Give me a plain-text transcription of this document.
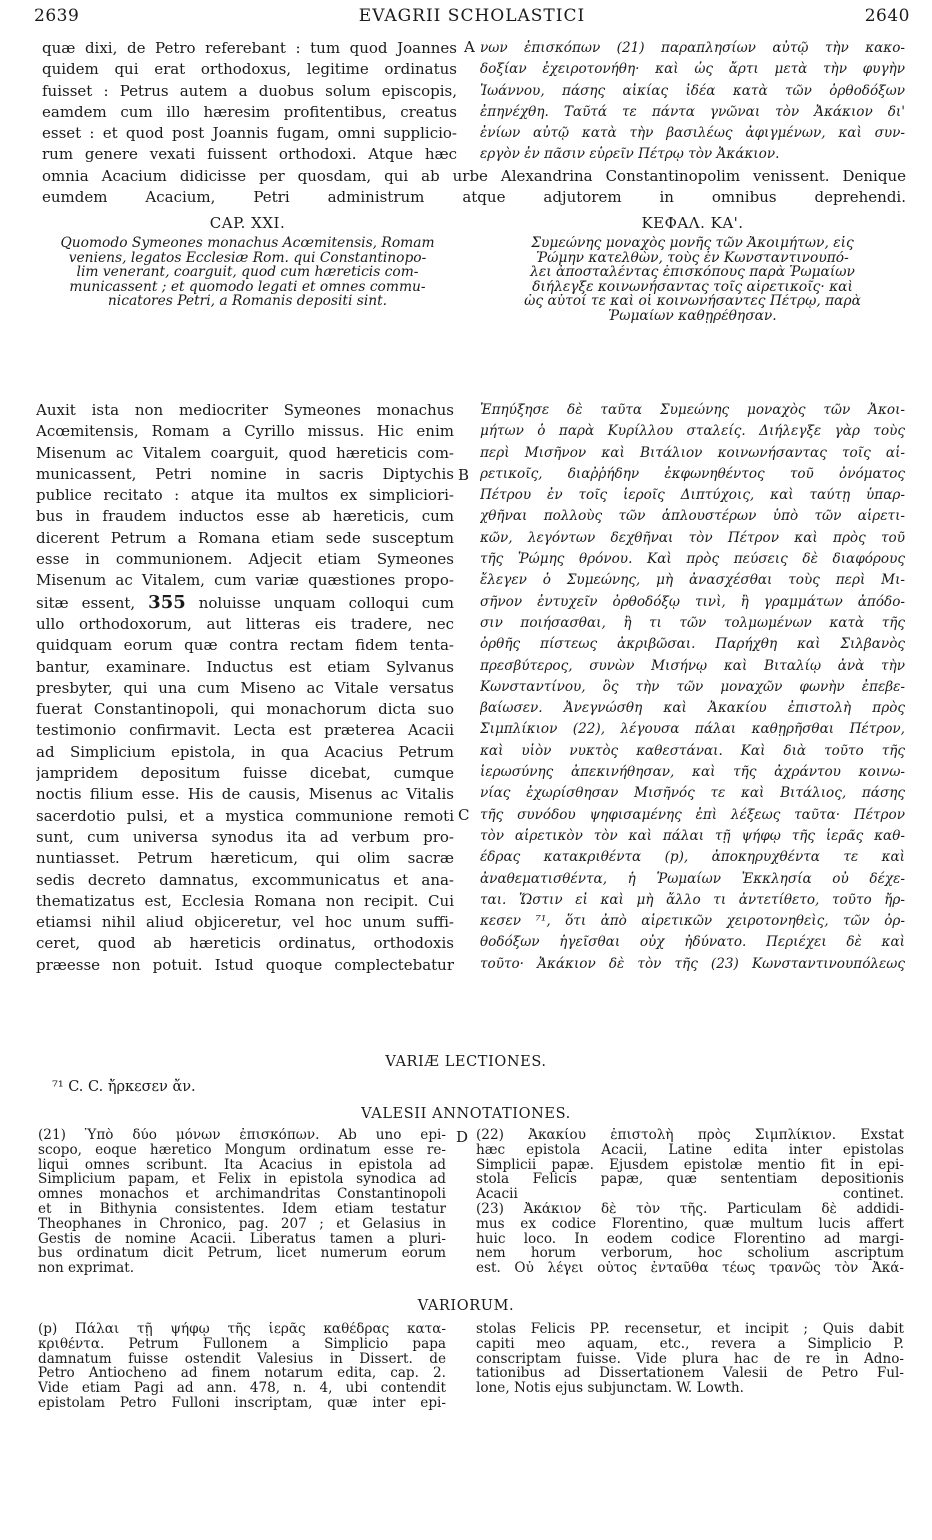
2639	EVAGRII SCHOLASTICI	2640
quæ dixi, de Petro referebant : tum quod Joannes
quidem qui erat orthodoxus, legitime ordinatus
fuisset : Petrus autem a duobus solum episcopis,
eamdem cum illo hæresim profitentibus, creatus
esset : et quod post Joannis fugam, omni supplicio-
rum genere vexati fuissent orthodoxi. Atque hæc
A νων ἐπισκόπων (21) παραπλησίων αὐτῷ τὴν κακο-
δοξίαν ἐχειροτονήθη· καὶ ὡς ἄρτι μετὰ τὴν φυγὴν
Ἰωάννου, πάσης αἰκίας ἰδέα κατὰ τῶν ὀρθοδόξων
ἐπηνέχθη. Ταῦτά τε πάντα γνῶναι τὸν Ἀκάκιον δι'
ἐνίων αὐτῷ κατὰ τὴν βασιλέως ἀφιγμένων, καὶ συν-
εργὸν ἐν πᾶσιν εὑρεῖν Πέτρῳ τὸν Ἀκάκιον.
omnia Acacium didicisse per quosdam, qui ab urbe Alexandrina Constantinopolim venissent. Denique
eumdem Acacium, Petri administrum atque adjutorem in omnibus deprehendi.
CAP. XXI.	ΚΕΦΑΛ. ΚΑ'.
Quomodo Symeones monachus Acœmitensis, Romam
veniens, legatos Ecclesiæ Rom. qui Constantinopo-
lim venerant, coarguit, quod cum hæreticis com-
municassent ; et quomodo legati et omnes commu-
nicatores Petri, a Romanis depositi sint.
Συμεώνης μοναχὸς μονῆς τῶν Ἀκοιμήτων, εἰς
Ῥώμην κατελθὼν, τοὺς ἐν Κωνσταντινουπό-
λει ἀποσταλέντας ἐπισκόπους παρὰ Ῥωμαίων
διήλεγξε κοινωνήσαντας τοῖς αἱρετικοῖς· καὶ
ὡς αὐτοί τε καὶ οἱ κοινωνήσαντες Πέτρῳ, παρὰ
Ῥωμαίων καθῃρέθησαν.
Auxit ista non mediocriter Symeones monachus
Acœmitensis, Romam a Cyrillo missus. Hic enim
Misenum ac Vitalem coarguit, quod hæreticis com-
municassent, Petri nomine in sacris Diptychis
publice recitato : atque ita multos ex simpliciori-
bus in fraudem inductos esse ab hæreticis, cum
dicerent Petrum a Romana etiam sede susceptum
esse in communionem. Adjecit etiam Symeones
Misenum ac Vitalem, cum variæ quæstiones propo-
sitæ essent, 355 noluisse unquam colloqui cum
ullo orthodoxorum, aut litteras eis tradere, nec
quidquam eorum quæ contra rectam fidem tenta-
bantur, examinare. Inductus est etiam Sylvanus
presbyter, qui una cum Miseno ac Vitale versatus
fuerat Constantinopoli, qui monachorum dicta suo
testimonio confirmavit. Lecta est præterea Acacii
ad Simplicium epistola, in qua Acacius Petrum
jampridem depositum fuisse dicebat, cumque
noctis filium esse. His de causis, Misenus ac Vitalis
sacerdotio pulsi, et a mystica communione remoti
sunt, cum universa synodus ita ad verbum pro-
nuntiasset. Petrum hæreticum, qui olim sacræ
sedis decreto damnatus, excommunicatus et ana-
thematizatus est, Ecclesia Romana non recipit. Cui
etiamsi nihil aliud objiceretur, vel hoc unum suffi-
ceret, quod ab hæreticis ordinatus, orthodoxis
præesse non potuit. Istud quoque complectebatur
B
C
Ἐπηύξησε δὲ ταῦτα Συμεώνης μοναχὸς τῶν Ἀκοι-
μήτων ὁ παρὰ Κυρίλλου σταλείς. Διήλεγξε γὰρ τοὺς
περὶ Μισῆνον καὶ Βιτάλιον κοινωνήσαντας τοῖς αἱ-
ρετικοῖς, διαῤῥήδην ἐκφωνηθέντος τοῦ ὀνόματος
Πέτρου ἐν τοῖς ἱεροῖς Διπτύχοις, καὶ ταύτῃ ὑπαρ-
χθῆναι πολλοὺς τῶν ἁπλουστέρων ὑπὸ τῶν αἱρετι-
κῶν, λεγόντων δεχθῆναι τὸν Πέτρον καὶ πρὸς τοῦ
τῆς Ῥώμης θρόνου. Καὶ πρὸς πεύσεις δὲ διαφόρους
ἔλεγεν ὁ Συμεώνης, μὴ ἀνασχέσθαι τοὺς περὶ Μι-
σῆνον ἐντυχεῖν ὀρθοδόξῳ τινὶ, ἢ γραμμάτων ἀπόδο-
σιν ποιήσασθαι, ἢ τι τῶν τολμωμένων κατὰ τῆς
ὀρθῆς πίστεως ἀκριβῶσαι. Παρήχθη καὶ Σιλβανὸς
πρεσβύτερος, συνὼν Μισήνῳ καὶ Βιταλίῳ ἀνὰ τὴν
Κωνσταντίνου, ὃς τὴν τῶν μοναχῶν φωνὴν ἐπεβε-
βαίωσεν. Ἀνεγνώσθη καὶ Ἀκακίου ἐπιστολὴ πρὸς
Σιμπλίκιον (22), λέγουσα πάλαι καθῃρῆσθαι Πέτρον,
καὶ υἱὸν νυκτὸς καθεστάναι. Καὶ διὰ τοῦτο τῆς
ἱερωσύνης ἀπεκινήθησαν, καὶ τῆς ἀχράντου κοινω-
νίας ἐχωρίσθησαν Μισῆνός τε καὶ Βιτάλιος, πάσης
τῆς συνόδου ψηφισαμένης ἐπὶ λέξεως ταῦτα· Πέτρον
τὸν αἱρετικὸν τὸν καὶ πάλαι τῇ ψήφῳ τῆς ἱερᾶς καθ-
έδρας κατακριθέντα (p), ἀποκηρυχθέντα τε καὶ
ἀναθεματισθέντα, ἡ Ῥωμαίων Ἐκκλησία οὐ δέχε-
ται. Ὥστιν εἰ καὶ μὴ ἄλλο τι ἀντετίθετο, τοῦτο ἤρ-
κεσεν ⁷¹, ὅτι ἀπὸ αἱρετικῶν χειροτονηθεὶς, τῶν ὀρ-
θοδόξων ἡγεῖσθαι οὐχ ἠδύνατο. Περιέχει δὲ καὶ
τοῦτο· Ἀκάκιον δὲ τὸν τῆς (23) Κωνσταντινουπόλεως
VARIÆ LECTIONES.
⁷¹ C. C. ἤρκεσεν ἄν.
VALESII ANNOTATIONES.
D
(21) Ὑπὸ δύο μόνων ἐπισκόπων. Ab uno epi-
scopo, eoque hæretico Mongum ordinatum esse re-
liqui omnes scribunt. Ita Acacius in epistola ad
Simplicium papam, et Felix in epistola synodica ad
omnes monachos et archimandritas Constantinopoli
et in Bithynia consistentes. Idem etiam testatur
Theophanes in Chronico, pag. 207 ; et Gelasius in
Gestis de nomine Acacii. Liberatus tamen a pluri-
bus ordinatum dicit Petrum, licet numerum eorum
non exprimat.
(22) Ἀκακίου ἐπιστολὴ πρὸς Σιμπλίκιον. Exstat
hæc epistola Acacii, Latine edita inter epistolas
Simplicii papæ. Ejusdem epistolæ mentio fit in epi-
stola Felicis papæ, quæ sententiam depositionis
Acacii continet.
(23) Ἀκάκιον δὲ τὸν τῆς. Particulam δὲ addidi-
mus ex codice Florentino, quæ multum lucis affert
huic loco. In eodem codice Florentino ad margi-
nem horum verborum, hoc scholium ascriptum
est. Οὐ λέγει οὗτος ἐνταῦθα τέως τρανῶς τὸν Ἀκά-
VARIORUM.
(p) Πάλαι τῇ ψήφῳ τῆς ἱερᾶς καθέδρας κατα-
κριθέντα. Petrum Fullonem a Simplicio papa
damnatum fuisse ostendit Valesius in Dissert. de
Petro Antiocheno ad finem notarum edita, cap. 2.
Vide etiam Pagi ad ann. 478, n. 4, ubi contendit
epistolam Petro Fulloni inscriptam, quæ inter epi-
stolas Felicis PP. recensetur, et incipit ; Quis dabit
capiti meo aquam, etc., revera a Simplicio P.
conscriptam fuisse. Vide plura hac de re in Adno-
tationibus ad Dissertationem Valesii de Petro Ful-
lone, Notis ejus subjunctam. W. Lowth.
